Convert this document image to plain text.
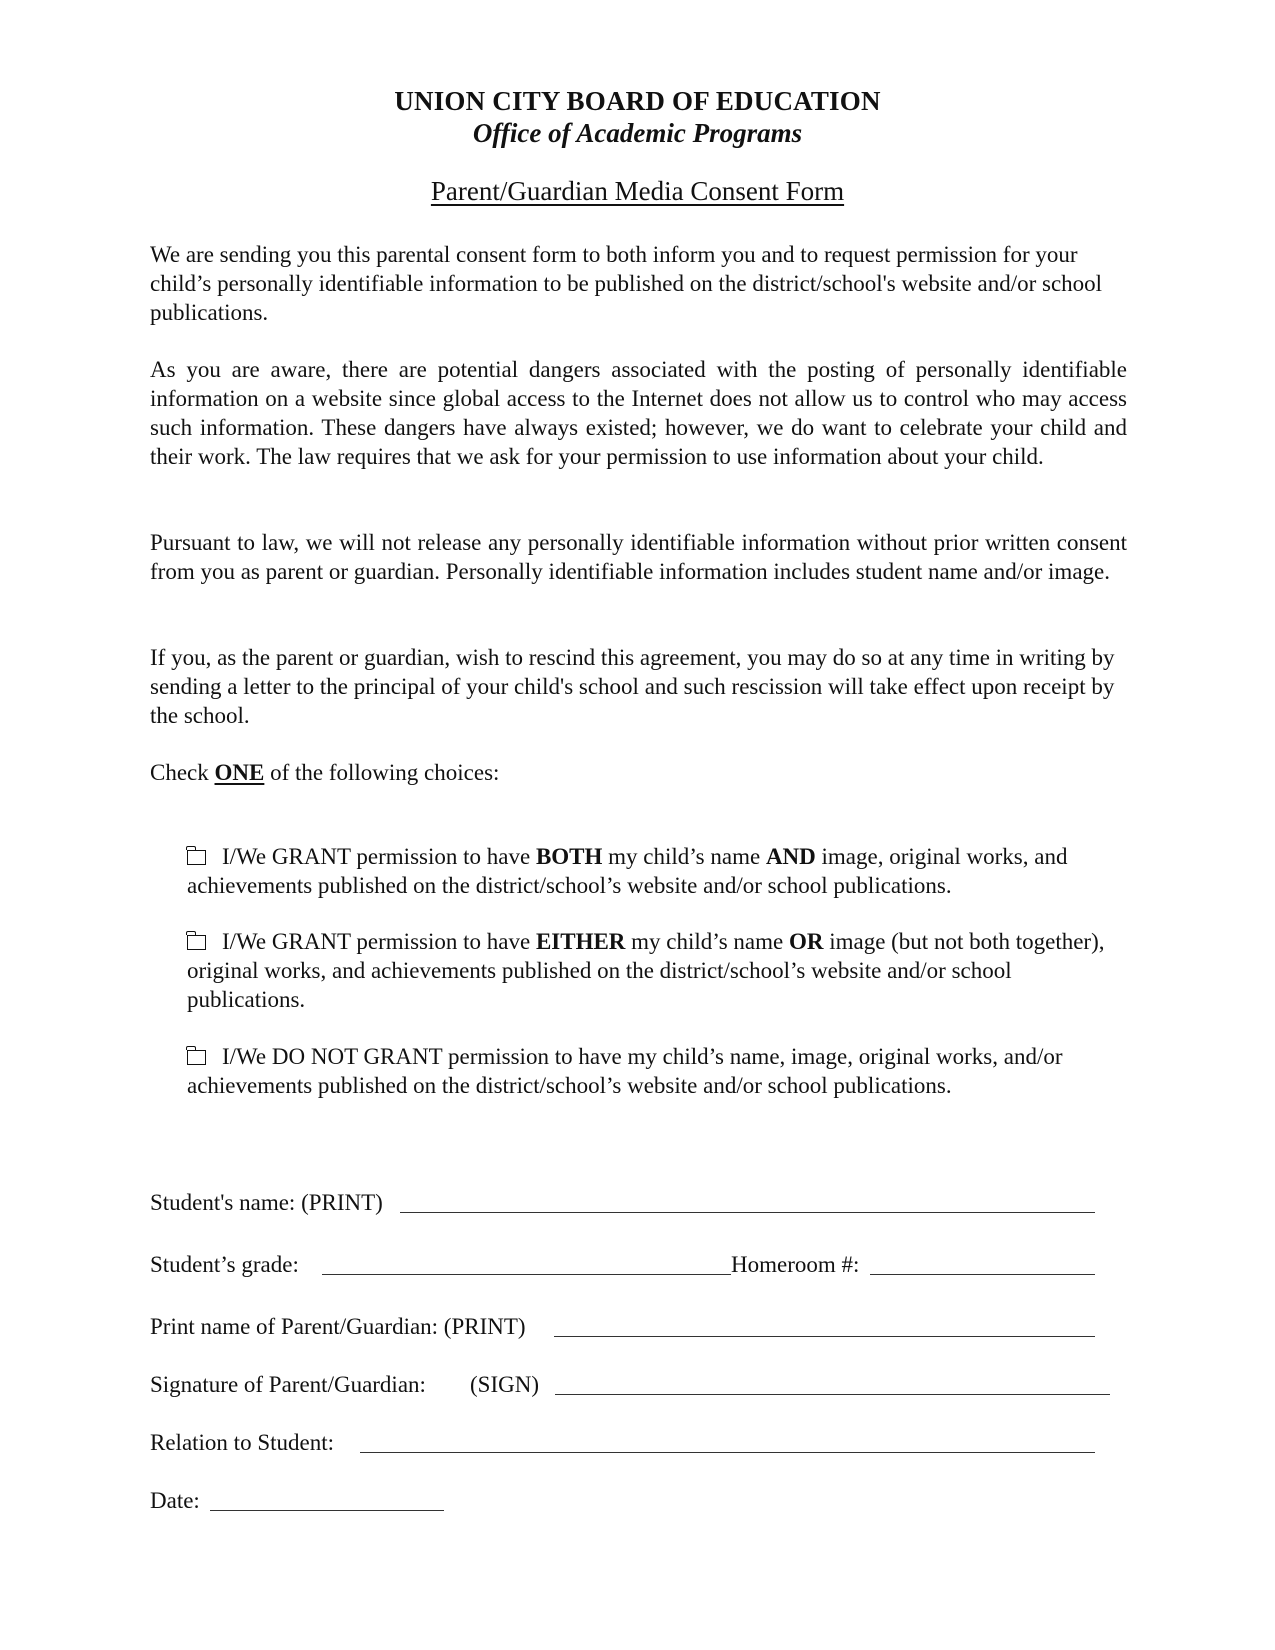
UNION CITY BOARD OF EDUCATION
Office of Academic Programs
Parent/Guardian Media Consent Form

We are sending you this parental consent form to both inform you and to request permission for your child’s personally identifiable information to be published on the district/school's website and/or school publications.

As you are aware, there are potential dangers associated with the posting of personally identifiable information on a website since global access to the Internet does not allow us to control who may access such information. These dangers have always existed; however, we do want to celebrate your child and their work. The law requires that we ask for your permission to use information about your child.

Pursuant to law, we will not release any personally identifiable information without prior written consent from you as parent or guardian. Personally identifiable information includes student name and/or image.

If you, as the parent or guardian, wish to rescind this agreement, you may do so at any time in writing by sending a letter to the principal of your child's school and such rescission will take effect upon receipt by the school.

Check ONE of the following choices:

I/We GRANT permission to have BOTH my child’s name AND image, original works, and achievements published on the district/school’s website and/or school publications.

I/We GRANT permission to have EITHER my child’s name OR image (but not both together), original works, and achievements published on the district/school’s website and/or school publications.

I/We DO NOT GRANT permission to have my child’s name, image, original works, and/or achievements published on the district/school’s website and/or school publications.

Student's name: (PRINT)
Student’s grade:	Homeroom #:
Print name of Parent/Guardian: (PRINT)
Signature of Parent/Guardian: (SIGN)
Relation to Student:
Date:
